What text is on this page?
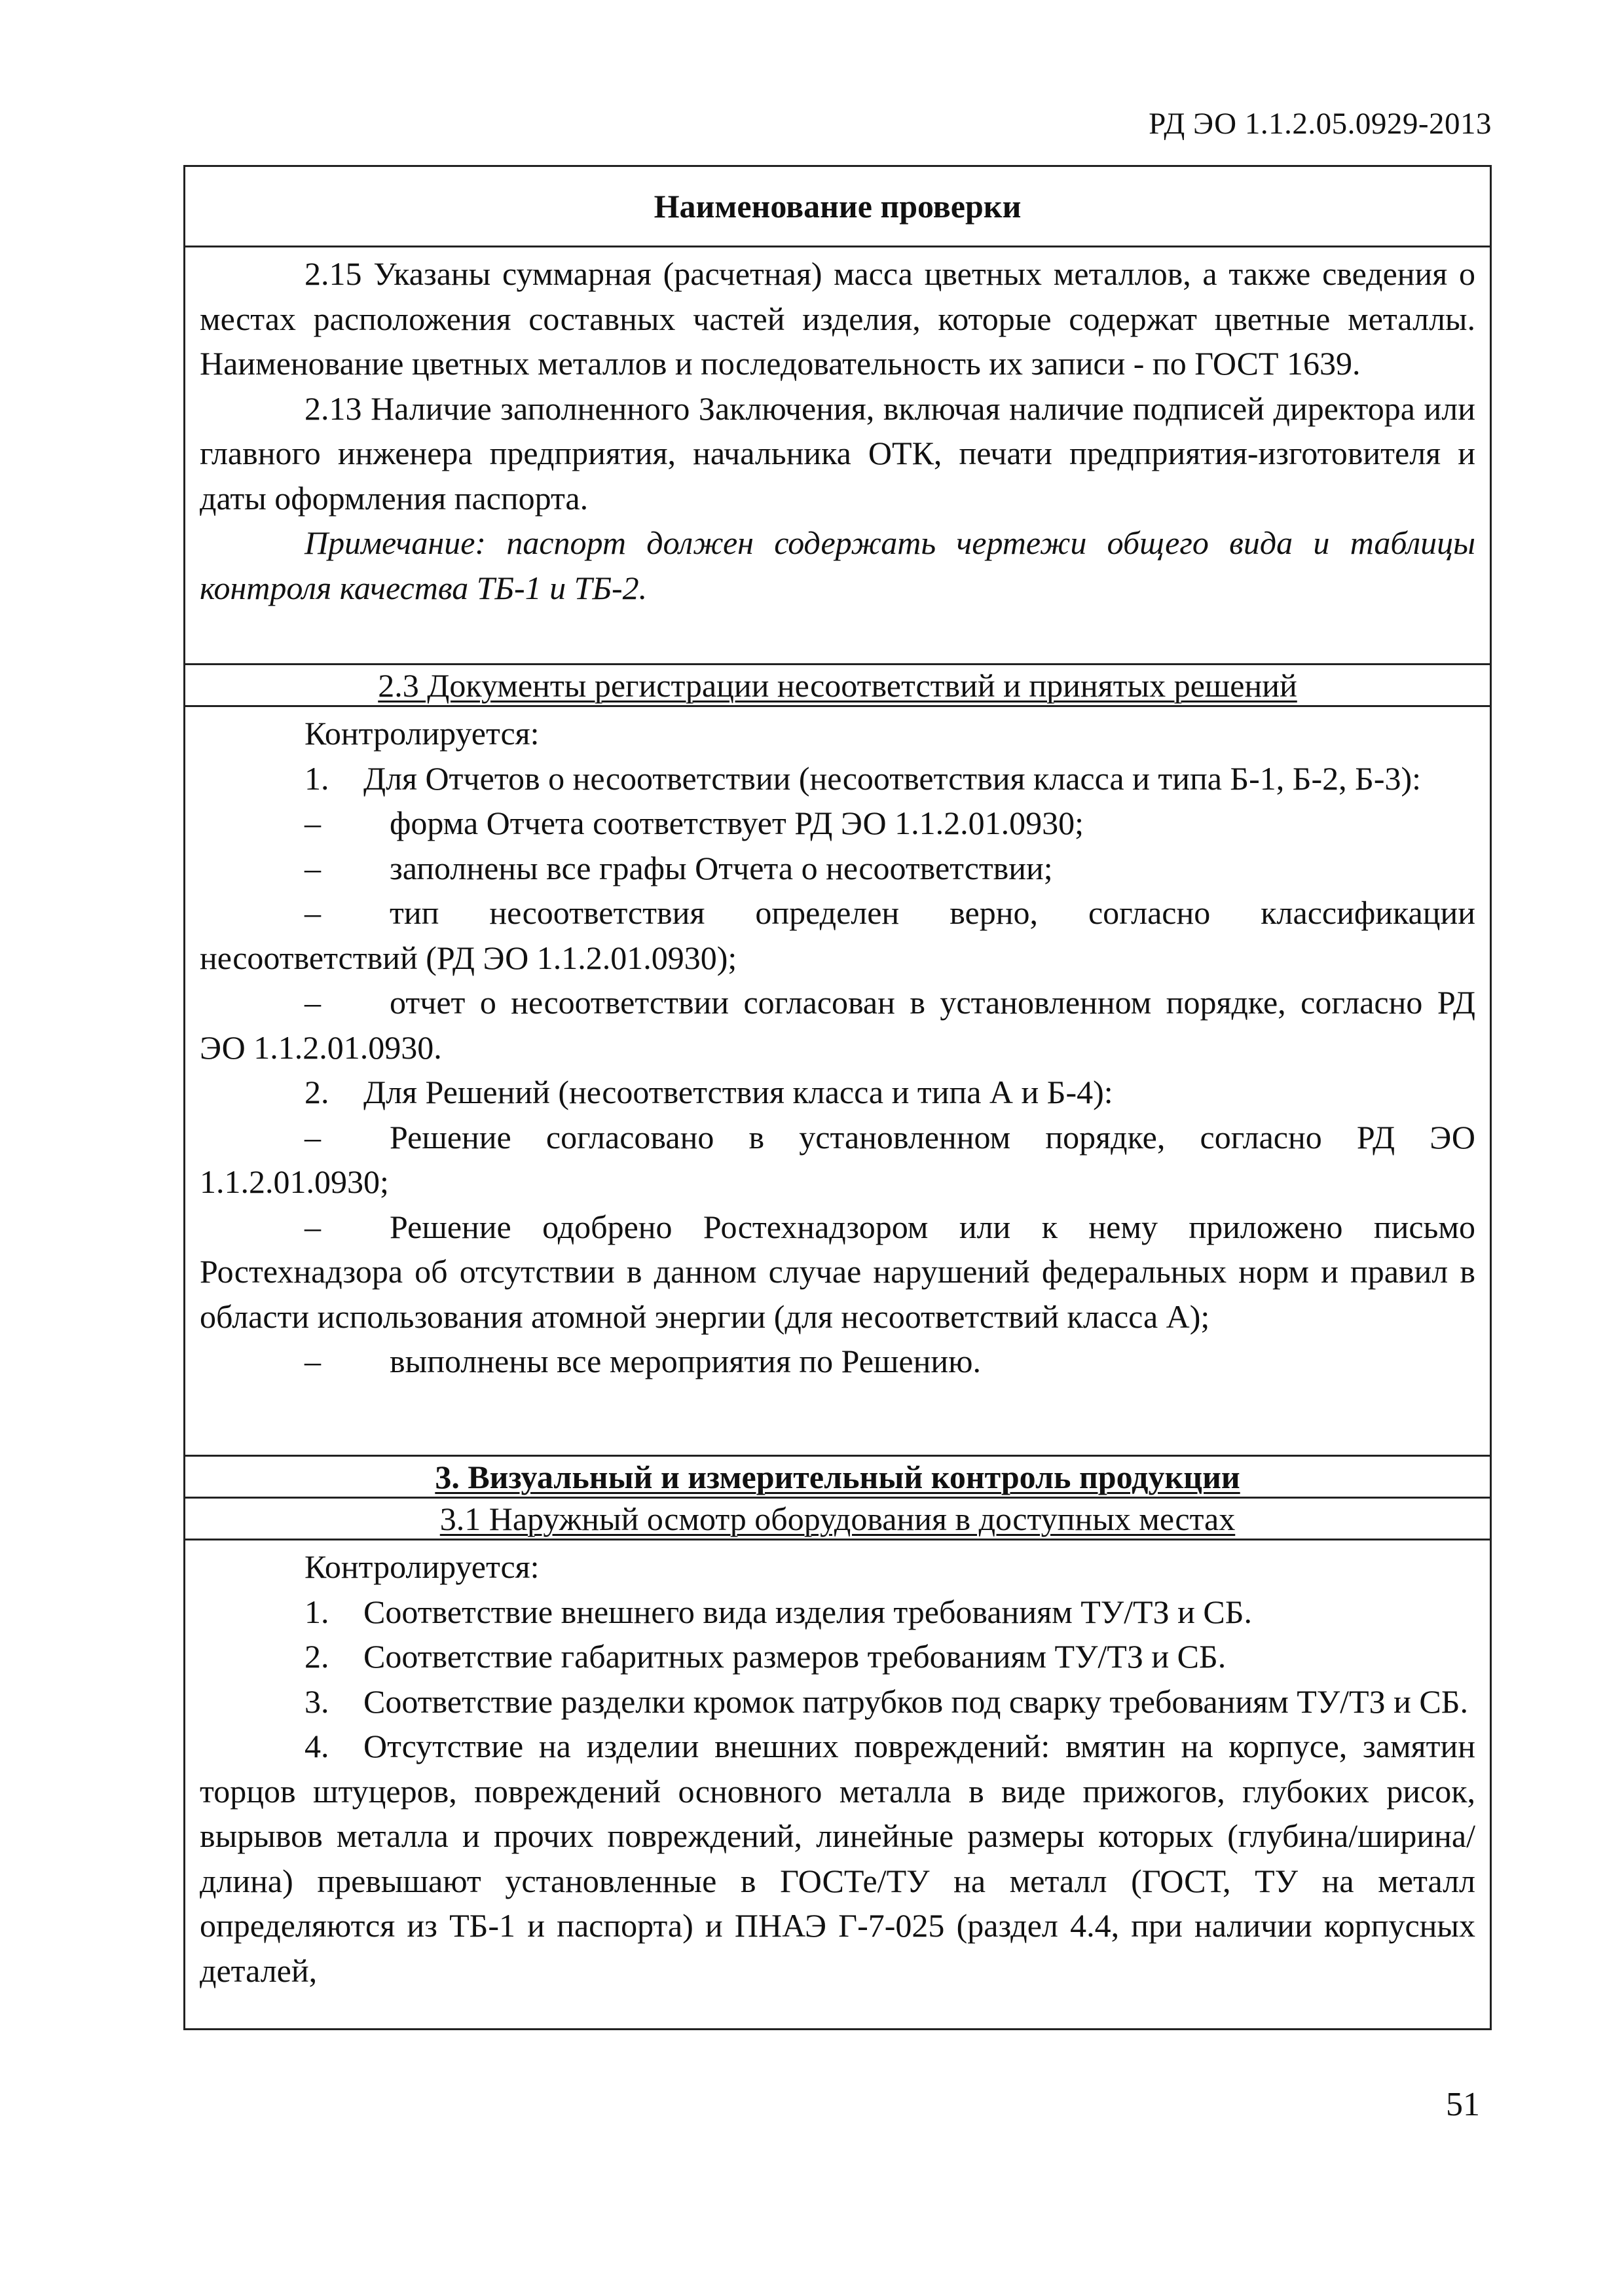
РД ЭО 1.1.2.05.0929-2013
Наименование проверки

2.15 Указаны суммарная (расчетная) масса цветных металлов, а также сведения о местах расположения составных частей изделия, которые содержат цветные металлы. Наименование цветных металлов и последовательность их записи - по ГОСТ 1639.

2.13 Наличие заполненного Заключения, включая наличие подписей директора или главного инженера предприятия, начальника ОТК, печати предприятия-изготовителя и даты оформления паспорта.

Примечание: паспорт должен содержать чертежи общего вида и таблицы контроля качества ТБ-1 и ТБ-2.

2.3 Документы регистрации несоответствий и принятых решений

Контролируется:

1. Для Отчетов о несоответствии (несоответствия класса и типа Б-1, Б-2, Б-3):

– форма Отчета соответствует РД ЭО 1.1.2.01.0930;

– заполнены все графы Отчета о несоответствии;

– тип несоответствия определен верно, согласно классификации несоответствий (РД ЭО 1.1.2.01.0930);

– отчет о несоответствии согласован в установленном порядке, согласно РД ЭО 1.1.2.01.0930.

2. Для Решений (несоответствия класса и типа А и Б-4):

– Решение согласовано в установленном порядке, согласно РД ЭО 1.1.2.01.0930;

– Решение одобрено Ростехнадзором или к нему приложено письмо Ростехнадзора об отсутствии в данном случае нарушений федеральных норм и правил в области использования атомной энергии (для несоответствий класса А);

– выполнены все мероприятия по Решению.

3. Визуальный и измерительный контроль продукции
3.1 Наружный осмотр оборудования в доступных местах

Контролируется:

1. Соответствие внешнего вида изделия требованиям ТУ/ТЗ и СБ.

2. Соответствие габаритных размеров требованиям ТУ/ТЗ и СБ.

3. Соответствие разделки кромок патрубков под сварку требованиям ТУ/ТЗ и СБ.

4. Отсутствие на изделии внешних повреждений: вмятин на корпусе, замятин торцов штуцеров, повреждений основного металла в виде прижогов, глубоких рисок, вырывов металла и прочих повреждений, линейные размеры которых (глубина/ширина/длина) превышают установленные в ГОСТе/ТУ на металл (ГОСТ, ТУ на металл определяются из ТБ-1 и паспорта) и ПНАЭ Г-7-025 (раздел 4.4, при наличии корпусных деталей,

51
